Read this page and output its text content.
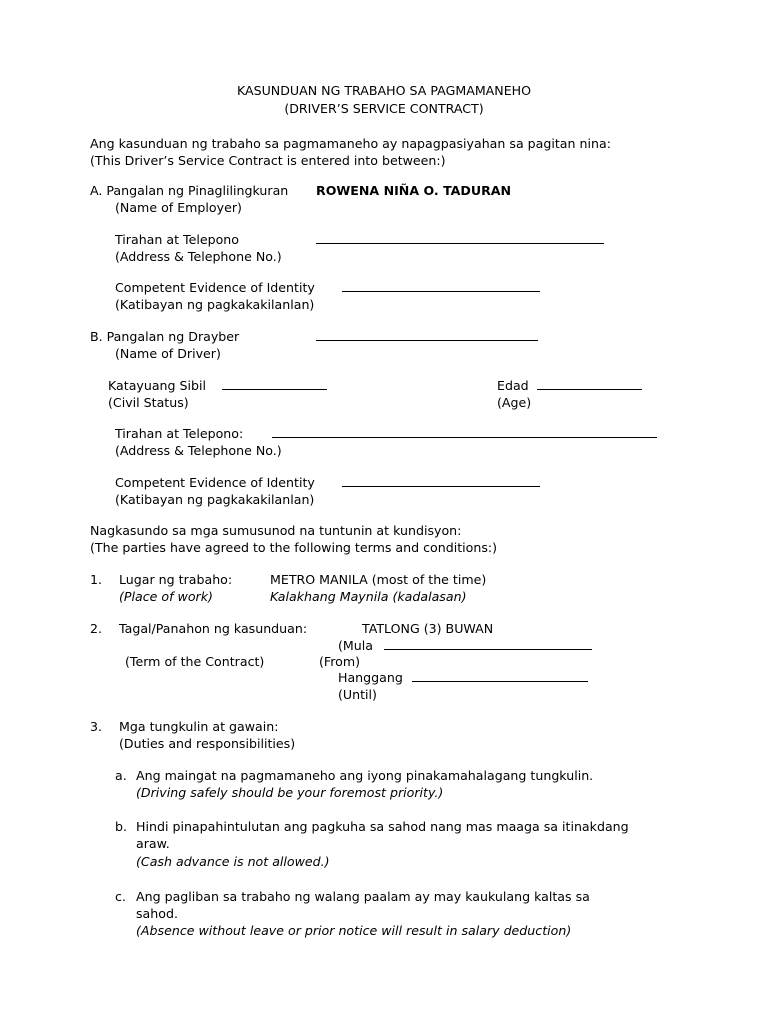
KASUNDUAN NG TRABAHO SA PAGMAMANEHO
(DRIVER’S SERVICE CONTRACT)
Ang kasunduan ng trabaho sa pagmamaneho ay napagpasiyahan sa pagitan nina:
(This Driver’s Service Contract is entered into between:)
A. Pangalan ng Pinaglilingkuran ROWENA NIÑA O. TADURAN
(Name of Employer)
Tirahan at Telepono
(Address & Telephone No.)
Competent Evidence of Identity
(Katibayan ng pagkakakilanlan)
B. Pangalan ng Drayber
(Name of Driver)
Katayuang Sibil
(Civil Status)
Edad
(Age)
Tirahan at Telepono:
(Address & Telephone No.)
Competent Evidence of Identity
(Katibayan ng pagkakakilanlan)
Nagkasundo sa mga sumusunod na tuntunin at kundisyon:
(The parties have agreed to the following terms and conditions:)
1. Lugar ng trabaho:	METRO MANILA (most of the time)
(Place of work)	Kalakhang Maynila (kadalasan)
2. Tagal/Panahon ng kasunduan:	TATLONG (3) BUWAN
(Mula
(Term of the Contract)	(From)
Hanggang
(Until)
3. Mga tungkulin at gawain:
(Duties and responsibilities)
a. Ang maingat na pagmamaneho ang iyong pinakamahalagang tungkulin.
(Driving safely should be your foremost priority.)
b. Hindi pinapahintulutan ang pagkuha sa sahod nang mas maaga sa itinakdang
araw.
(Cash advance is not allowed.)
c. Ang pagliban sa trabaho ng walang paalam ay may kaukulang kaltas sa
sahod.
(Absence without leave or prior notice will result in salary deduction)
